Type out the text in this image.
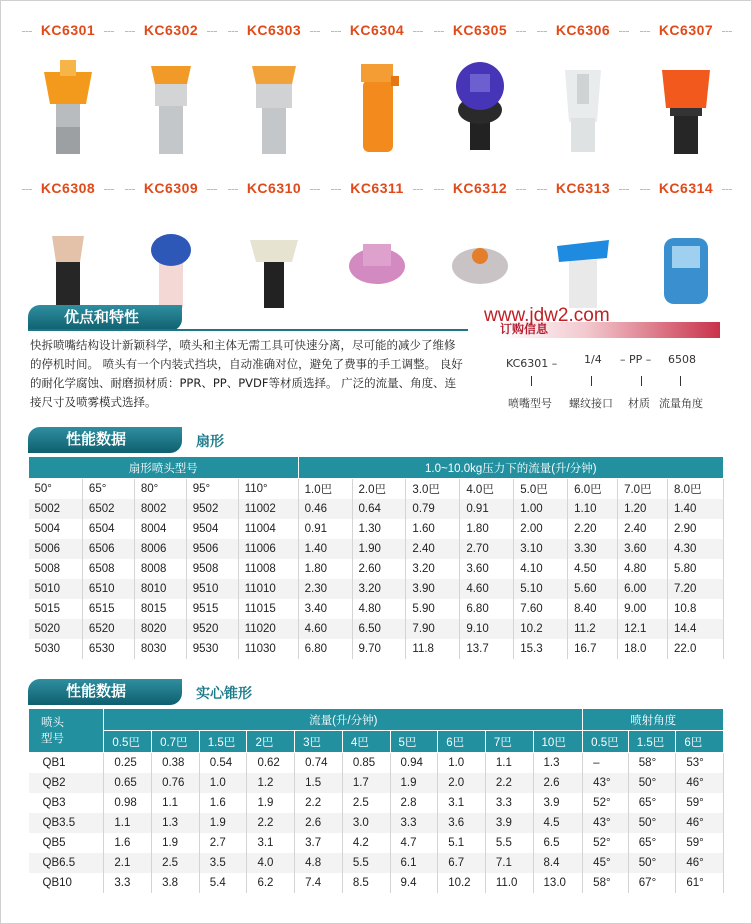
KC6301	KC6302	KC6303	KC6304	KC6305	KC6306	KC6307
KC6308	KC6309	KC6310	KC6311	KC6312	KC6313	KC6314
优点和特性
快拆喷嘴结构设计新颖科学，喷头和主体无需工具可快速分离，尽可能的减少了维修的停机时间。 喷头有一个内装式挡块，自动准确对位，避免了费事的手工调整。 良好的耐化学腐蚀、耐磨损材质：PPR、PP、PVDF等材质选择。 广泛的流量、角度、连接尺寸及喷雾模式选择。
www.jdw2.com
订购信息
KC6301 – 1/4 – PP – 6508
喷嘴型号 螺纹接口 材质 流量角度
性能数据	扇形
扇形喷头型号					1.0~10.0kg压力下的流量(升/分钟)							
50°	65°	80°	95°	110°	1.0巴	2.0巴	3.0巴	4.0巴	5.0巴	6.0巴	7.0巴	8.0巴
5002	6502	8002	9502	11002	0.46	0.64	0.79	0.91	1.00	1.10	1.20	1.40
5004	6504	8004	9504	11004	0.91	1.30	1.60	1.80	2.00	2.20	2.40	2.90
5006	6506	8006	9506	11006	1.40	1.90	2.40	2.70	3.10	3.30	3.60	4.30
5008	6508	8008	9508	11008	1.80	2.60	3.20	3.60	4.10	4.50	4.80	5.80
5010	6510	8010	9510	11010	2.30	3.20	3.90	4.60	5.10	5.60	6.00	7.20
5015	6515	8015	9515	11015	3.40	4.80	5.90	6.80	7.60	8.40	9.00	10.8
5020	6520	8020	9520	11020	4.60	6.50	7.90	9.10	10.2	11.2	12.1	14.4
5030	6530	8030	9530	11030	6.80	9.70	11.8	13.7	15.3	16.7	18.0	22.0
性能数据	实心锥形
喷头
型号	流量(升/分钟)										喷射角度		
	0.5巴	0.7巴	1.5巴	2巴	3巴	4巴	5巴	6巴	7巴	10巴	0.5巴	1.5巴	6巴
QB1	0.25	0.38	0.54	0.62	0.74	0.85	0.94	1.0	1.1	1.3	–	58°	53°
QB2	0.65	0.76	1.0	1.2	1.5	1.7	1.9	2.0	2.2	2.6	43°	50°	46°
QB3	0.98	1.1	1.6	1.9	2.2	2.5	2.8	3.1	3.3	3.9	52°	65°	59°
QB3.5	1.1	1.3	1.9	2.2	2.6	3.0	3.3	3.6	3.9	4.5	43°	50°	46°
QB5	1.6	1.9	2.7	3.1	3.7	4.2	4.7	5.1	5.5	6.5	52°	65°	59°
QB6.5	2.1	2.5	3.5	4.0	4.8	5.5	6.1	6.7	7.1	8.4	45°	50°	46°
QB10	3.3	3.8	5.4	6.2	7.4	8.5	9.4	10.2	11.0	13.0	58°	67°	61°
